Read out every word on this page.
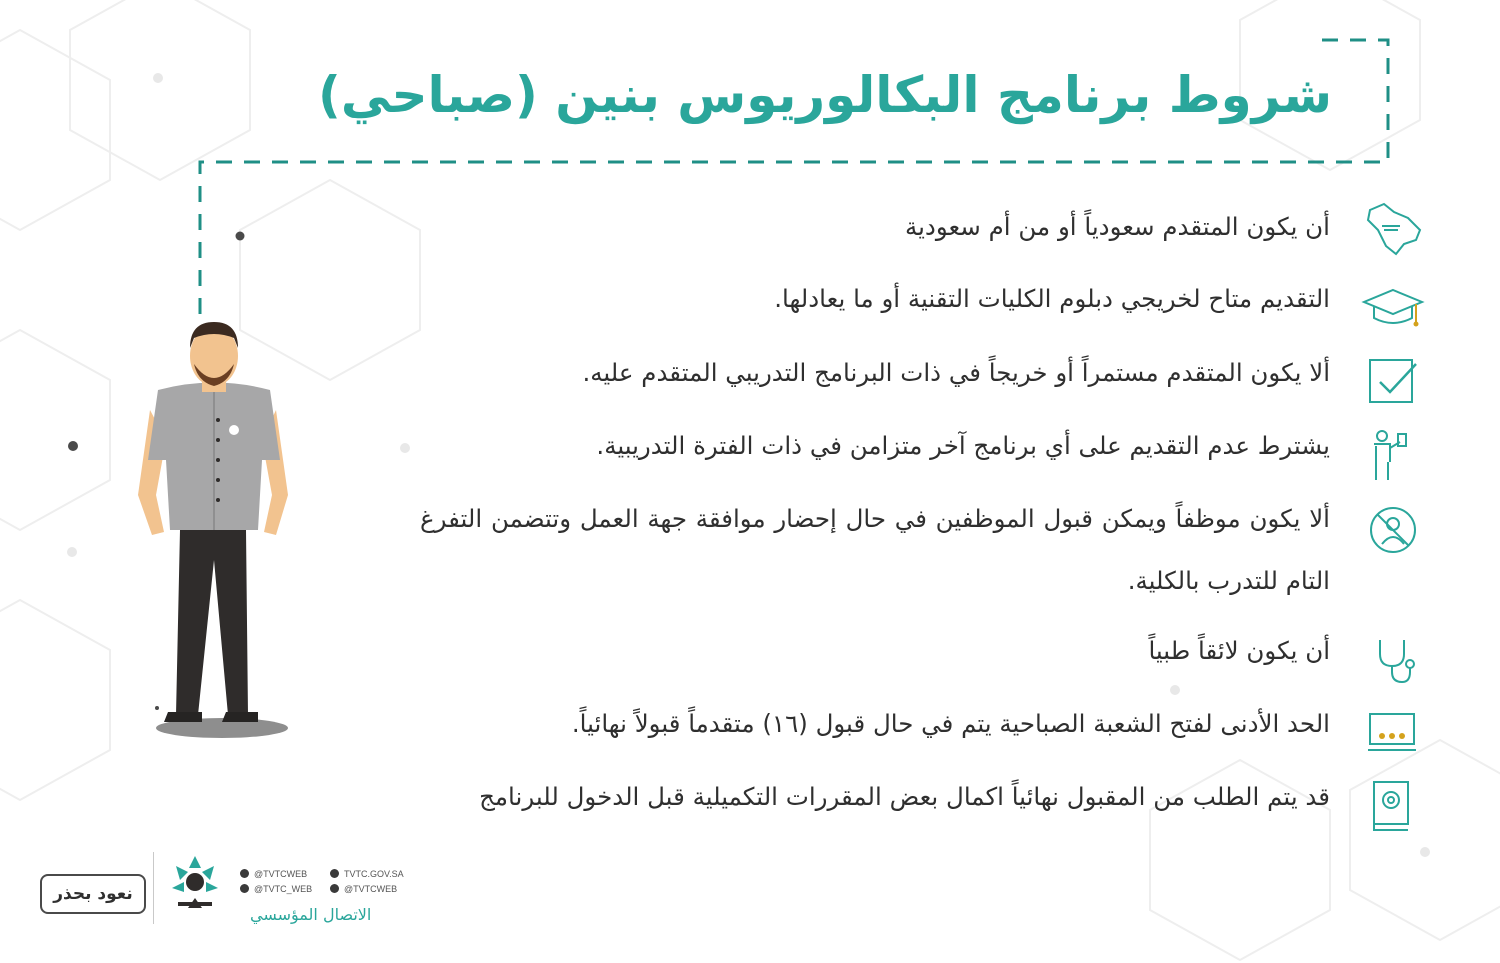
شروط برنامج البكالوريوس بنين (صباحي)
أن يكون المتقدم سعودياً أو من أم سعودية
التقديم متاح لخريجي دبلوم الكليات التقنية أو ما يعادلها.
ألا يكون المتقدم مستمراً أو خريجاً في ذات البرنامج التدريبي المتقدم عليه.
يشترط عدم التقديم على أي برنامج آخر متزامن في ذات الفترة التدريبية.
ألا يكون موظفاً ويمكن قبول الموظفين في حال إحضار موافقة جهة العمل وتتضمن التفرغ التام للتدرب بالكلية.
أن يكون لائقاً طبياً
الحد الأدنى لفتح الشعبة الصباحية يتم في حال قبول (١٦) متقدماً قبولاً نهائياً.
قد يتم الطلب من المقبول نهائياً اكمال بعض المقررات التكميلية قبل الدخول للبرنامج
نعود بحذر
@TVTCWEB	TVTC.GOV.SA
@TVTC_WEB	@TVTCWEB
الاتصال المؤسسي
